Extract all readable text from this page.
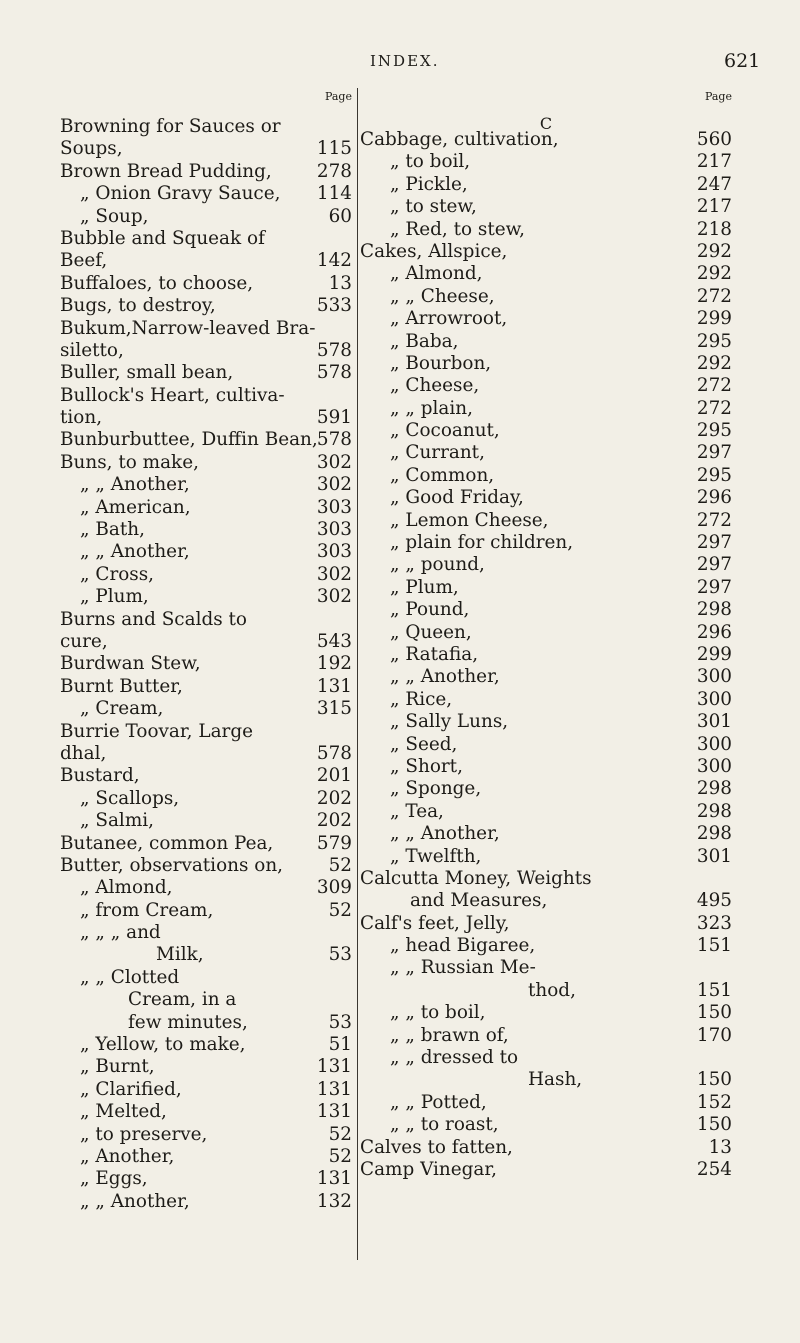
INDEX.	621
Page
Browning for Sauces or
Soups,	115
Brown Bread Pudding, 278
„ Onion Gravy Sauce, 114
„ Soup,	60
Bubble and Squeak of
Beef,	142
Buffaloes, to choose,	13
Bugs, to destroy,	533
Bukum,Narrow-leaved Bra-
siletto,	578
Buller, small bean,	578
Bullock's Heart, cultiva-
tion,	591
Bunburbuttee, Duffin Bean, 578
Buns, to make,	302
„ „ Another,	302
„ American,	303
„ Bath,	303
„ „ Another,	303
„ Cross,	302
„ Plum,	302
Burns and Scalds to
cure,	543
Burdwan Stew,	192
Burnt Butter,	131
„ Cream,	315
Burrie Toovar, Large
dhal,	578
Bustard,	201
„ Scallops,	202
„ Salmi,	202
Butanee, common Pea, 579
Butter, observations on, 52
„ Almond,	309
„ from Cream,	52
„ „ „ and
Milk,	53
„ „ Clotted
Cream, in a
few minutes,	53
„ Yellow, to make,	51
„ Burnt,	131
„ Clarified,	131
„ Melted,	131
„ to preserve,	52
„ Another,	52
„ Eggs,	131
„ „ Another,	132
Page
C
Cabbage, cultivation,	560
„ to boil,	217
„ Pickle,	247
„ to stew,	217
„ Red, to stew,	218
Cakes, Allspice,	292
„ Almond,	292
„ „ Cheese,	272
„ Arrowroot,	299
„ Baba,	295
„ Bourbon,	292
„ Cheese,	272
„ „ plain,	272
„ Cocoanut,	295
„ Currant,	297
„ Common,	295
„ Good Friday,	296
„ Lemon Cheese,	272
„ plain for children,	297
„ „ pound,	297
„ Plum,	297
„ Pound,	298
„ Queen,	296
„ Ratafia,	299
„ „ Another,	300
„ Rice,	300
„ Sally Luns,	301
„ Seed,	300
„ Short,	300
„ Sponge,	298
„ Tea,	298
„ „ Another,	298
„ Twelfth,	301
Calcutta Money, Weights
and Measures,	495
Calf's feet, Jelly,	323
„ head Bigaree,	151
„ „ Russian Me-
thod,	151
„ „ to boil,	150
„ „ brawn of,	170
„ „ dressed to
Hash,	150
„ „ Potted,	152
„ „ to roast,	150
Calves to fatten,	13
Camp Vinegar,	254
